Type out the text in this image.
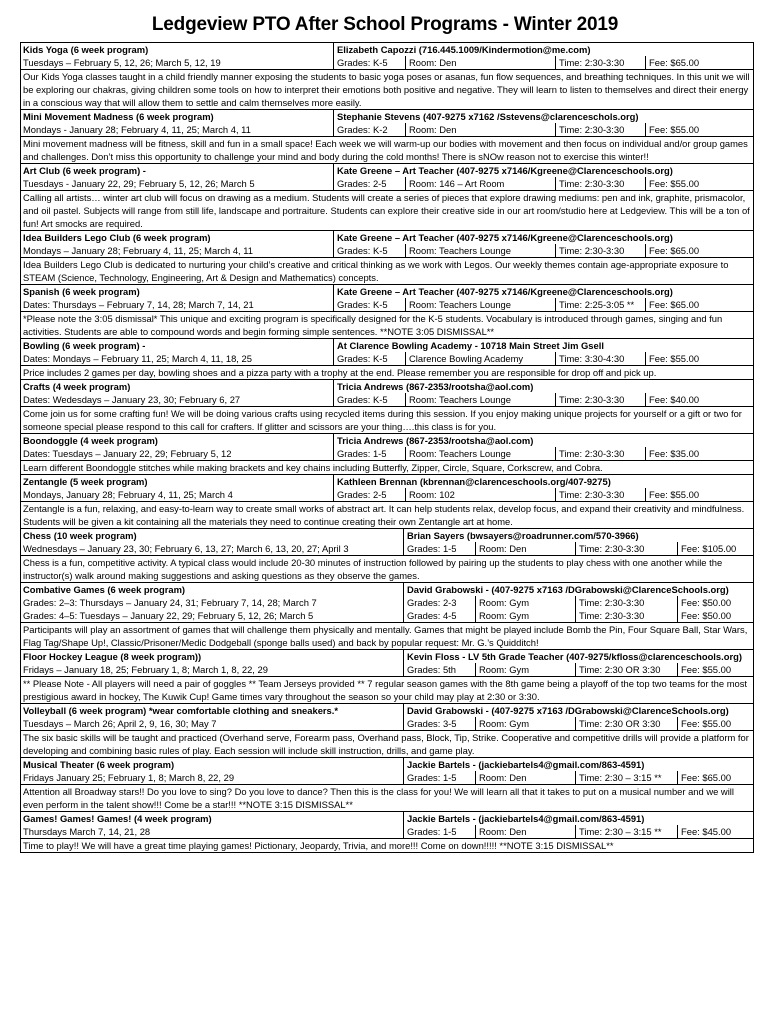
Ledgeview PTO After School Programs - Winter 2019
Kids Yoga (6 week program)	Elizabeth Capozzi (716.445.1009/Kindermotion@me.com)
Tuesdays – February 5, 12, 26; March 5, 12, 19	Grades: K-5 Room: Den	Time: 2:30-3:30	Fee: $65.00
Our Kids Yoga classes taught in a child friendly manner exposing the students to basic yoga poses or asanas, fun flow sequences, and breathing techniques. In this unit we will be exploring our chakras, giving children some tools on how to interpret their emotions both positive and negative. They will learn to listen to themselves and direct their energy in a conscious way that will allow them to settle and calm themselves more easily.
Mini Movement Madness (6 week program)	Stephanie Stevens (407-9275 x7162 /Sstevens@clarenceschols.org)
Mondays - January 28; February 4, 11, 25; March 4, 11	Grades: K-2 Room: Den	Time: 2:30-3:30	Fee: $55.00
Mini movement madness will be fitness, skill and fun in a small space! Each week we will warm-up our bodies with movement and then focus on individual and/or group games and challenges. Don’t miss this opportunity to challenge your mind and body during the cold months! There is sNOw reason not to exercise this winter!!
Art Club (6 week program) -	Kate Greene – Art Teacher (407-9275 x7146/Kgreene@Clarenceschools.org)
Tuesdays - January 22, 29; February 5, 12, 26; March 5	Grades: 2-5 Room: 146 – Art Room	Time: 2:30-3:30	Fee: $55.00
Calling all artists… winter art club will focus on drawing as a medium. Students will create a series of pieces that explore drawing mediums: pen and ink, graphite, prismacolor, and oil pastel. Subjects will range from still life, landscape and portraiture. Students can explore their creative side in our art room/studio here at Ledgeview. This will be a ton of fun! Art smocks are required.
Idea Builders Lego Club (6 week program)	Kate Greene – Art Teacher (407-9275 x7146/Kgreene@Clarenceschools.org)
Mondays – January 28; February 4, 11, 25; March 4, 11	Grades: K-5 Room: Teachers Lounge	Time: 2:30-3:30	Fee: $65.00
Idea Builders Lego Club is dedicated to nurturing your child’s creative and critical thinking as we work with Legos. Our weekly themes contain age-appropriate exposure to STEAM (Science, Technology, Engineering, Art & Design and Mathematics) concepts.
Spanish (6 week program)	Kate Greene – Art Teacher (407-9275 x7146/Kgreene@Clarenceschools.org)
Dates: Thursdays – February 7, 14, 28; March 7, 14, 21	Grades: K-5 Room: Teachers Lounge	Time: 2:25-3:05 ** Fee: $65.00
*Please note the 3:05 dismissal* This unique and exciting program is specifically designed for the K-5 students. Vocabulary is introduced through games, singing and fun activities. Students are able to compound words and begin forming simple sentences. **NOTE 3:05 DISMISSAL**
Bowling (6 week program) -	At Clarence Bowling Academy - 10718 Main Street Jim Gsell
Dates: Mondays – February 11, 25; March 4, 11, 18, 25	Grades: K-5 Clarence Bowling Academy	Time: 3:30-4:30	Fee: $55.00
Price includes 2 games per day, bowling shoes and a pizza party with a trophy at the end. Please remember you are responsible for drop off and pick up.
Crafts (4 week program)	Tricia Andrews (867-2353/rootsha@aol.com)
Dates: Wedesdays – January 23, 30; February 6, 27	Grades: K-5 Room: Teachers Lounge	Time: 2:30-3:30	Fee: $40.00
Come join us for some crafting fun! We will be doing various crafts using recycled items during this session. If you enjoy making unique projects for yourself or a gift or two for someone special please respond to this call for crafters. If glitter and scissors are your thing….this class is for you.
Boondoggle (4 week program)	Tricia Andrews (867-2353/rootsha@aol.com)
Dates: Tuesdays – January 22, 29; February 5, 12	Grades: 1-5 Room: Teachers Lounge	Time: 2:30-3:30	Fee: $35.00
Learn different Boondoggle stitches while making brackets and key chains including Butterfly, Zipper, Circle, Square, Corkscrew, and Cobra.
Zentangle (5 week program)	Kathleen Brennan (kbrennan@clarenceschools.org/407-9275)
Mondays, January 28; February 4, 11, 25; March 4	Grades: 2-5 Room: 102	Time: 2:30-3:30	Fee: $55.00
Zentangle is a fun, relaxing, and easy-to-learn way to create small works of abstract art. It can help students relax, develop focus, and expand their creativity and mindfulness. Students will be given a kit containing all the materials they need to continue creating their own Zentangle art at home.
Chess (10 week program)	Brian Sayers (bwsayers@roadrunner.com/570-3966)
Wednesdays – January 23, 30; February 6, 13, 27; March 6, 13, 20, 27; April 3	Grades: 1-5 Room: Den	Time: 2:30-3:30	Fee: $105.00
Chess is a fun, competitive activity. A typical class would include 20-30 minutes of instruction followed by pairing up the students to play chess with one another while the instructor(s) walk around making suggestions and asking questions as they observe the games.
Combative Games (6 week program)	David Grabowski - (407-9275 x7163 /DGrabowski@ClarenceSchools.org)
Grades: 2–3: Thursdays – January 24, 31; February 7, 14, 28; March 7	Grades: 2-3 Room: Gym	Time: 2:30-3:30	Fee: $50.00
Grades: 4–5: Tuesdays – January 22, 29; February 5, 12, 26; March 5	Grades: 4-5 Room: Gym	Time: 2:30-3:30	Fee: $50.00
Participants will play an assortment of games that will challenge them physically and mentally. Games that might be played include Bomb the Pin, Four Square Ball, Star Wars, Flag Tag/Shape Up!, Classic/Prisoner/Medic Dodgeball (sponge balls used) and back by popular request: Mr. G.’s Quidditch!
Floor Hockey League (8 week program))	Kevin Floss - LV 5th Grade Teacher (407-9275/kfloss@clarenceschools.org)
Fridays – January 18, 25; February 1, 8; March 1, 8, 22, 29	Grades: 5th Room: Gym	Time: 2:30 OR 3:30 Fee: $55.00
** Please Note - All players will need a pair of goggles ** Team Jerseys provided ** 7 regular season games with the 8th game being a playoff of the top two teams for the most prestigious award in hockey, The Kuwik Cup! Game times vary throughout the season so your child may play at 2:30 or 3:30.
Volleyball (6 week program) *wear comfortable clothing and sneakers.*	David Grabowski - (407-9275 x7163 /DGrabowski@ClarenceSchools.org)
Tuesdays – March 26; April 2, 9, 16, 30; May 7	Grades: 3-5 Room: Gym	Time: 2:30 OR 3:30 Fee: $55.00
The six basic skills will be taught and practiced (Overhand serve, Forearm pass, Overhand pass, Block, Tip, Strike. Cooperative and competitive drills will provide a platform for developing and combining basic rules of play. Each session will include skill instruction, drills, and game play.
Musical Theater (6 week program)	Jackie Bartels - (jackiebartels4@gmail.com/863-4591)
Fridays January 25; February 1, 8; March 8, 22, 29	Grades: 1-5 Room: Den	Time: 2:30 – 3:15 ** Fee: $65.00
Attention all Broadway stars!! Do you love to sing? Do you love to dance? Then this is the class for you! We will learn all that it takes to put on a musical number and we will even perform in the talent show!!! Come be a star!!! **NOTE 3:15 DISMISSAL**
Games! Games! Games! (4 week program)	Jackie Bartels - (jackiebartels4@gmail.com/863-4591)
Thursdays March 7, 14, 21, 28	Grades: 1-5 Room: Den	Time: 2:30 – 3:15 ** Fee: $45.00
Time to play!! We will have a great time playing games! Pictionary, Jeopardy, Trivia, and more!!! Come on down!!!!! **NOTE 3:15 DISMISSAL**
